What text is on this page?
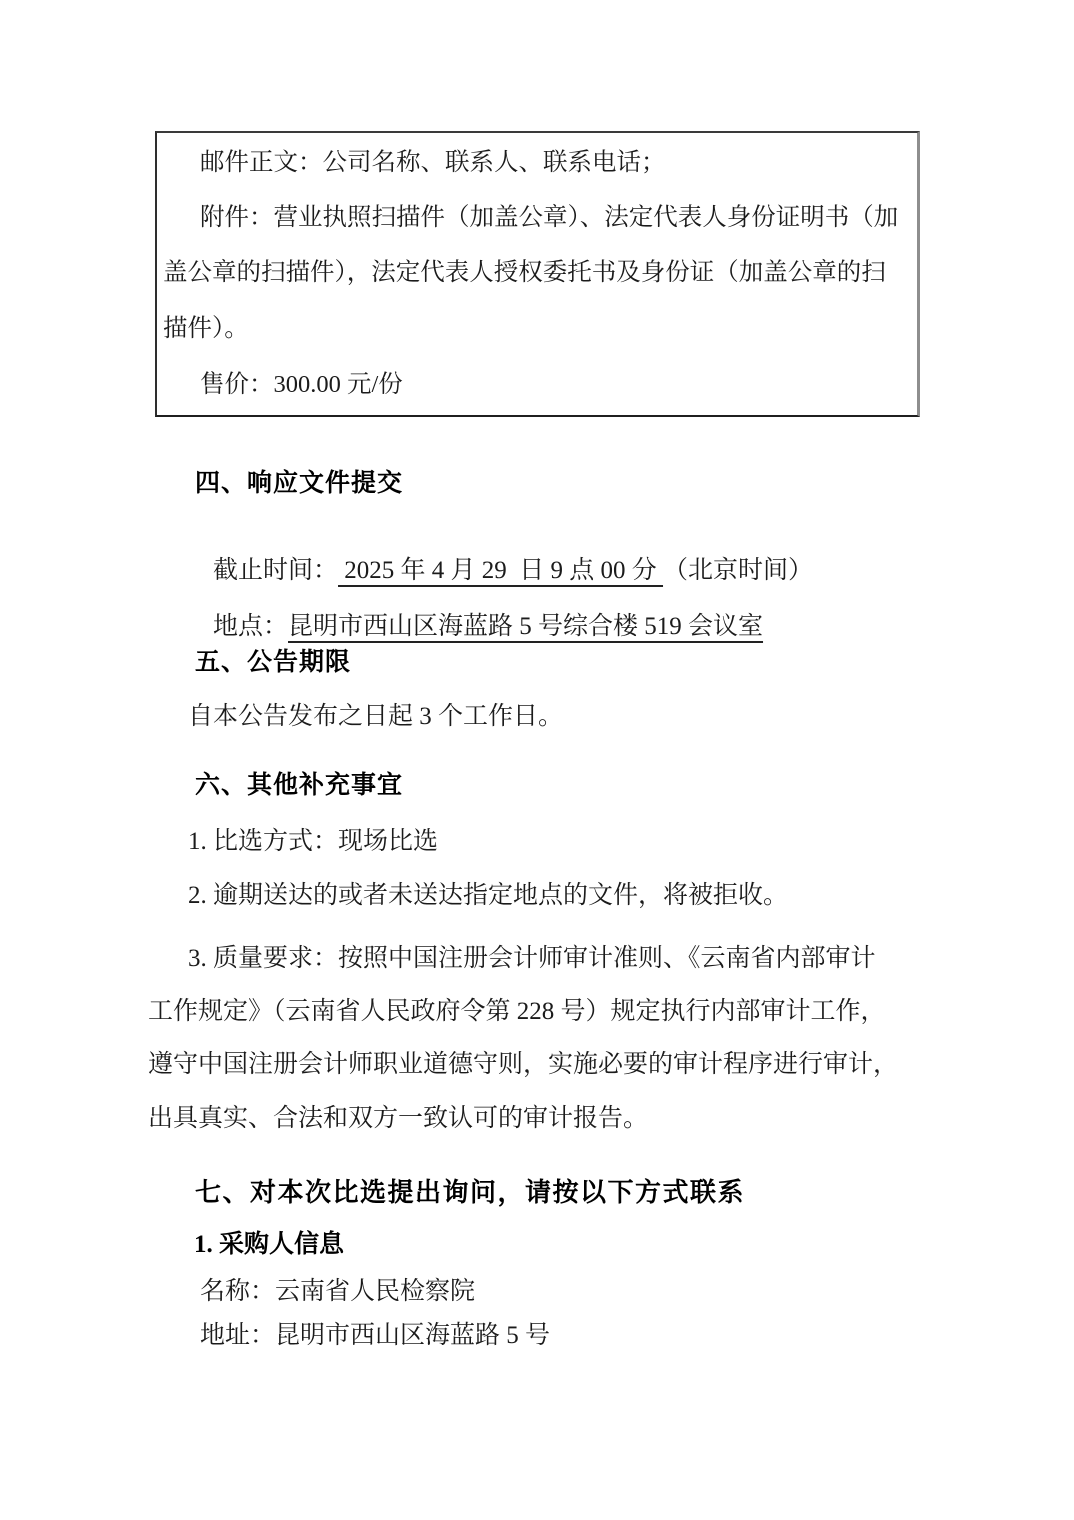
邮件正文：公司名称、联系人、联系电话；
附件：营业执照扫描件（加盖公章）、法定代表人身份证明书（加
盖公章的扫描件），法定代表人授权委托书及身份证（加盖公章的扫
描件）。
售价：300.00 元/份
四、响应文件提交

截止时间： 2025 年 4 月 29  日 9 点 00 分 （北京时间）

地点：昆明市西山区海蓝路 5 号综合楼 519 会议室

五、公告期限
自本公告发布之日起 3 个工作日。
六、其他补充事宜
1. 比选方式：现场比选
2. 逾期送达的或者未送达指定地点的文件，将被拒收。
3. 质量要求：按照中国注册会计师审计准则、《云南省内部审计
工作规定》（云南省人民政府令第 228 号）规定执行内部审计工作，
遵守中国注册会计师职业道德守则，实施必要的审计程序进行审计，
出具真实、合法和双方一致认可的审计报告。
七、对本次比选提出询问，请按以下方式联系
1. 采购人信息
名称：云南省人民检察院
地址：昆明市西山区海蓝路 5 号
